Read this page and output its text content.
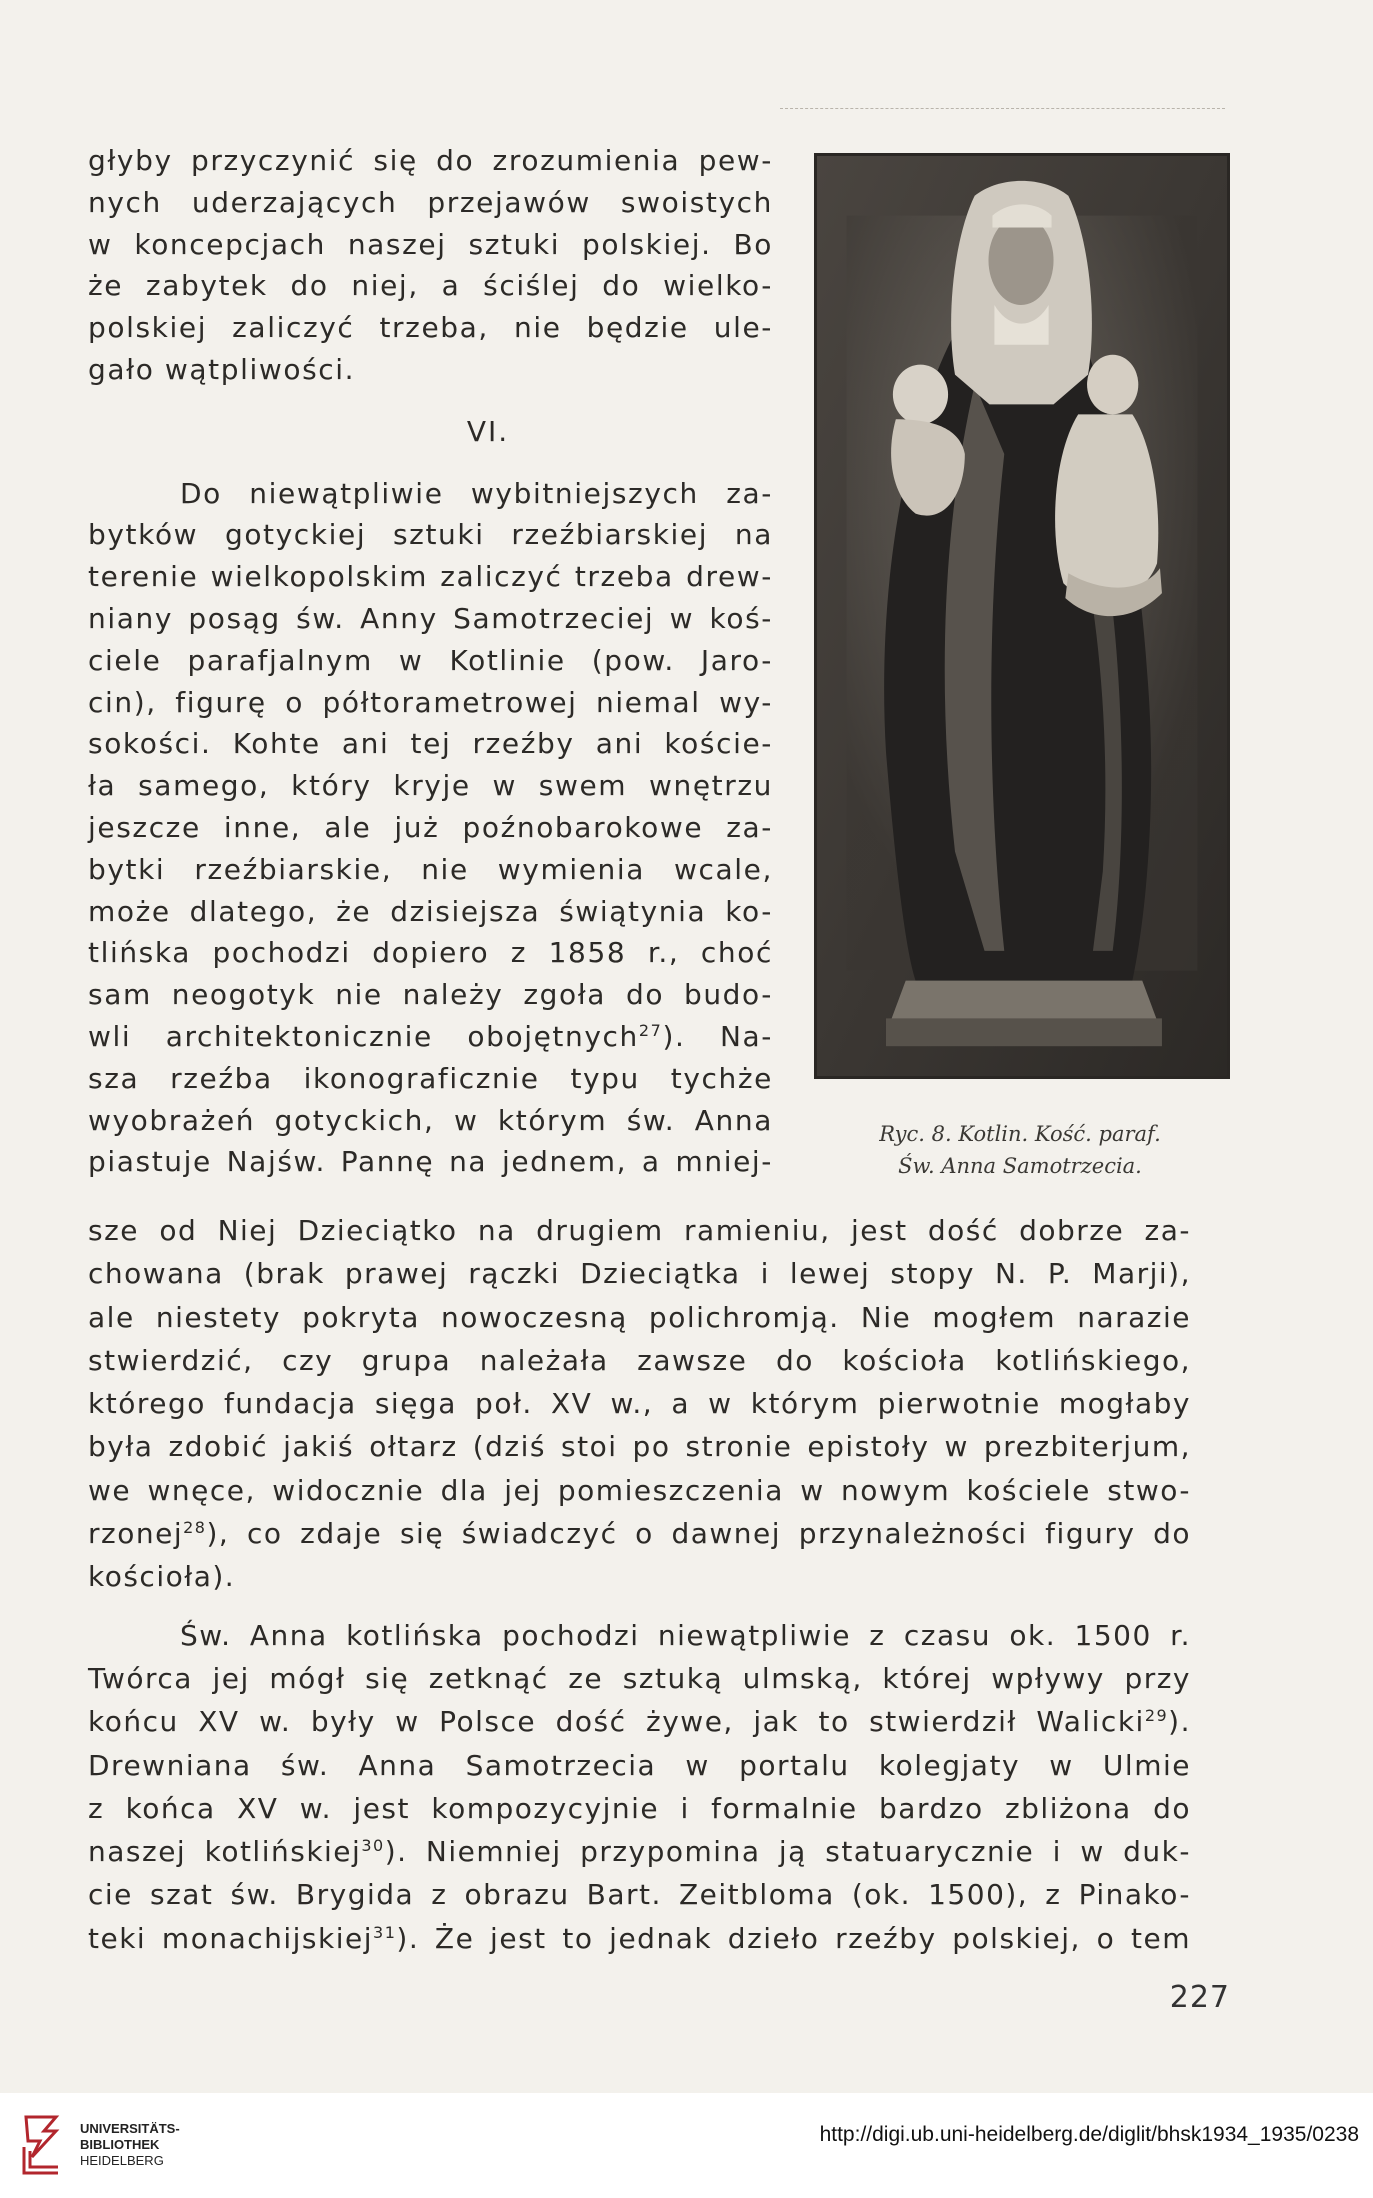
głyby przyczynić się do zrozumienia pew-
nych uderzających przejawów swoistych
w koncepcjach naszej sztuki polskiej. Bo
że zabytek do niej, a ściślej do wielko-
polskiej zaliczyć trzeba, nie będzie ule-
gało wątpliwości.
VI.
Do niewątpliwie wybitniejszych za-
bytków gotyckiej sztuki rzeźbiarskiej na
terenie wielkopolskim zaliczyć trzeba drew-
niany posąg św. Anny Samotrzeciej w koś-
ciele parafjalnym w Kotlinie (pow. Jaro-
cin), figurę o półtorametrowej niemal wy-
sokości. Kohte ani tej rzeźby ani koście-
ła samego, który kryje w swem wnętrzu
jeszcze inne, ale już poźnobarokowe za-
bytki rzeźbiarskie, nie wymienia wcale,
może dlatego, że dzisiejsza świątynia ko-
tlińska pochodzi dopiero z 1858 r., choć
sam neogotyk nie należy zgoła do budo-
wli architektonicznie obojętnych$^{27}$). Na-
sza rzeźba ikonograficznie typu tychże
wyobrażeń gotyckich, w którym św. Anna
piastuje Najśw. Pannę na jednem, a mniej-
Ryc. 8. Kotlin. Kość. paraf.
Św. Anna Samotrzecia.
sze od Niej Dzieciątko na drugiem ramieniu, jest dość dobrze za-
chowana (brak prawej rączki Dzieciątka i lewej stopy N. P. Marji),
ale niestety pokryta nowoczesną polichromją. Nie mogłem narazie
stwierdzić, czy grupa należała zawsze do kościoła kotlińskiego,
którego fundacja sięga poł. XV w., a w którym pierwotnie mogłaby
była zdobić jakiś ołtarz (dziś stoi po stronie epistoły w prezbiterjum,
we wnęce, widocznie dla jej pomieszczenia w nowym kościele stwo-
rzonej$^{28}$), co zdaje się świadczyć o dawnej przynależności figury do
kościoła).
Św. Anna kotlińska pochodzi niewątpliwie z czasu ok. 1500 r.
Twórca jej mógł się zetknąć ze sztuką ulmską, której wpływy przy
końcu XV w. były w Polsce dość żywe, jak to stwierdził Walicki$^{29}$).
Drewniana św. Anna Samotrzecia w portalu kolegjaty w Ulmie
z końca XV w. jest kompozycyjnie i formalnie bardzo zbliżona do
naszej kotlińskiej$^{30}$). Niemniej przypomina ją statuarycznie i w duk-
cie szat św. Brygida z obrazu Bart. Zeitbloma (ok. 1500), z Pinako-
teki monachijskiej$^{31}$). Że jest to jednak dzieło rzeźby polskiej, o tem
227
UNIVERSITÄTS-
BIBLIOTHEK
HEIDELBERG
http://digi.ub.uni-heidelberg.de/diglit/bhsk1934_1935/0238
